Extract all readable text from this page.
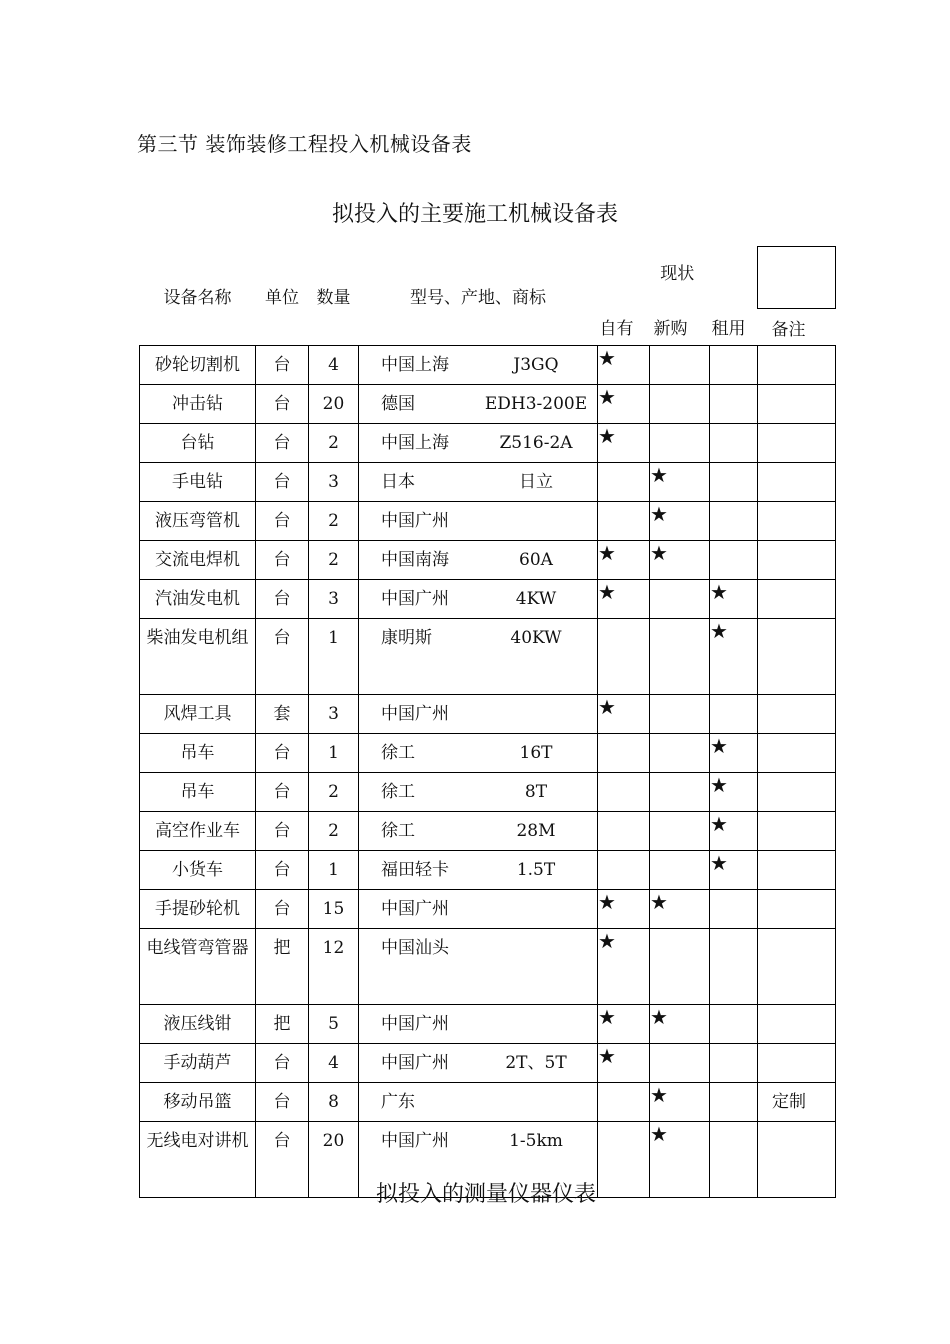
第三节 装饰装修工程投入机械设备表
拟投入的主要施工机械设备表
设备名称	单位	数量	型号、产地、商标	现状			
				自有	新购	租用	备注
砂轮切割机	台	4	中国上海 J3GQ	★			
冲击钻	台	20	德国 EDH3-200E	★			
台钻	台	2	中国上海 Z516-2A	★			
手电钻	台	3	日本 日立		★		
液压弯管机	台	2	中国广州		★		
交流电焊机	台	2	中国南海 60A	★	★		
汽油发电机	台	3	中国广州 4KW	★		★	
柴油发电机组	台	1	康明斯 40KW			★	
风焊工具	套	3	中国广州	★			
吊车	台	1	徐工 16T			★	
吊车	台	2	徐工 8T			★	
高空作业车	台	2	徐工 28M			★	
小货车	台	1	福田轻卡 1.5T			★	
手提砂轮机	台	15	中国广州	★	★		
电线管弯管器	把	12	中国汕头	★			
液压线钳	把	5	中国广州	★	★		
手动葫芦	台	4	中国广州 2T、5T	★			
移动吊篮	台	8	广东		★		定制
无线电对讲机	台	20	中国广州 1-5km		★		
拟投入的测量仪器仪表
